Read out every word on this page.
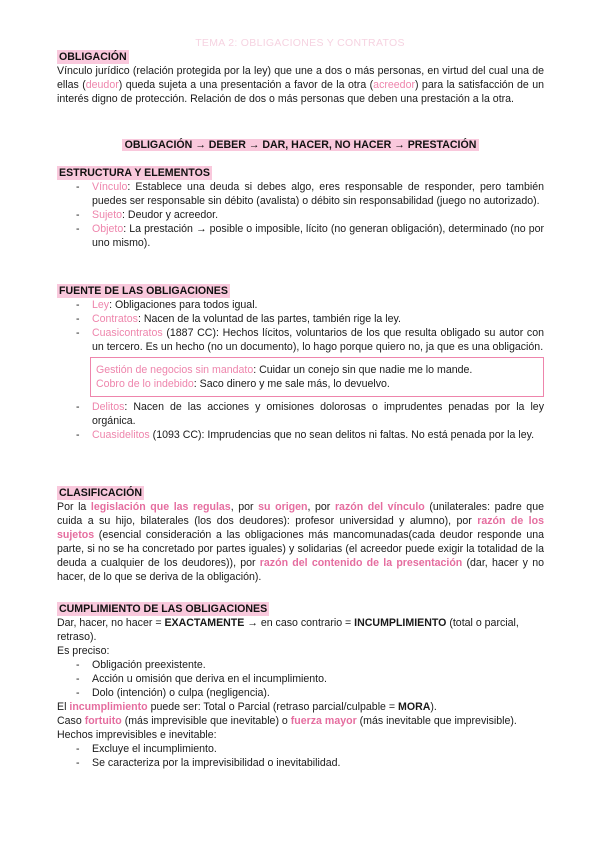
TEMA 2: OBLIGACIONES Y CONTRATOS
OBLIGACIÓN
Vínculo jurídico (relación protegida por la ley) que une a dos o más personas, en virtud del cual una de ellas (deudor) queda sujeta a una presentación a favor de la otra (acreedor) para la satisfacción de un interés digno de protección. Relación de dos o más personas que deben una prestación a la otra.
OBLIGACIÓN → DEBER → DAR, HACER, NO HACER → PRESTACIÓN
ESTRUCTURA Y ELEMENTOS
- Vínculo: Establece una deuda si debes algo, eres responsable de responder, pero también puedes ser responsable sin débito (avalista) o débito sin responsabilidad (juego no autorizado).
- Sujeto: Deudor y acreedor.
- Objeto: La prestación → posible o imposible, lícito (no generan obligación), determinado (no por uno mismo).
FUENTE DE LAS OBLIGACIONES
- Ley: Obligaciones para todos igual.
- Contratos: Nacen de la voluntad de las partes, también rige la ley.
- Cuasicontratos (1887 CC): Hechos lícitos, voluntarios de los que resulta obligado su autor con un tercero. Es un hecho (no un documento), lo hago porque quiero no, ja que es una obligación.
Gestión de negocios sin mandato: Cuidar un conejo sin que nadie me lo mande.
Cobro de lo indebido: Saco dinero y me sale más, lo devuelvo.
- Delitos: Nacen de las acciones y omisiones dolorosas o imprudentes penadas por la ley orgánica.
- Cuasidelitos (1093 CC): Imprudencias que no sean delitos ni faltas. No está penada por la ley.
CLASIFICACIÓN
Por la legislación que las regulas, por su origen, por razón del vínculo (unilaterales: padre que cuida a su hijo, bilaterales (los dos deudores): profesor universidad y alumno), por razón de los sujetos (esencial consideración a las obligaciones más mancomunadas(cada deudor responde una parte, si no se ha concretado por partes iguales) y solidarias (el acreedor puede exigir la totalidad de la deuda a cualquier de los deudores)), por razón del contenido de la presentación (dar, hacer y no hacer, de lo que se deriva de la obligación).
CUMPLIMIENTO DE LAS OBLIGACIONES
Dar, hacer, no hacer = EXACTAMENTE → en caso contrario = INCUMPLIMIENTO (total o parcial, retraso).
Es preciso:
- Obligación preexistente.
- Acción u omisión que deriva en el incumplimiento.
- Dolo (intención) o culpa (negligencia).
El incumplimiento puede ser: Total o Parcial (retraso parcial/culpable = MORA).
Caso fortuito (más imprevisible que inevitable) o fuerza mayor (más inevitable que imprevisible).
Hechos imprevisibles e inevitable:
- Excluye el incumplimiento.
- Se caracteriza por la imprevisibilidad o inevitabilidad.
